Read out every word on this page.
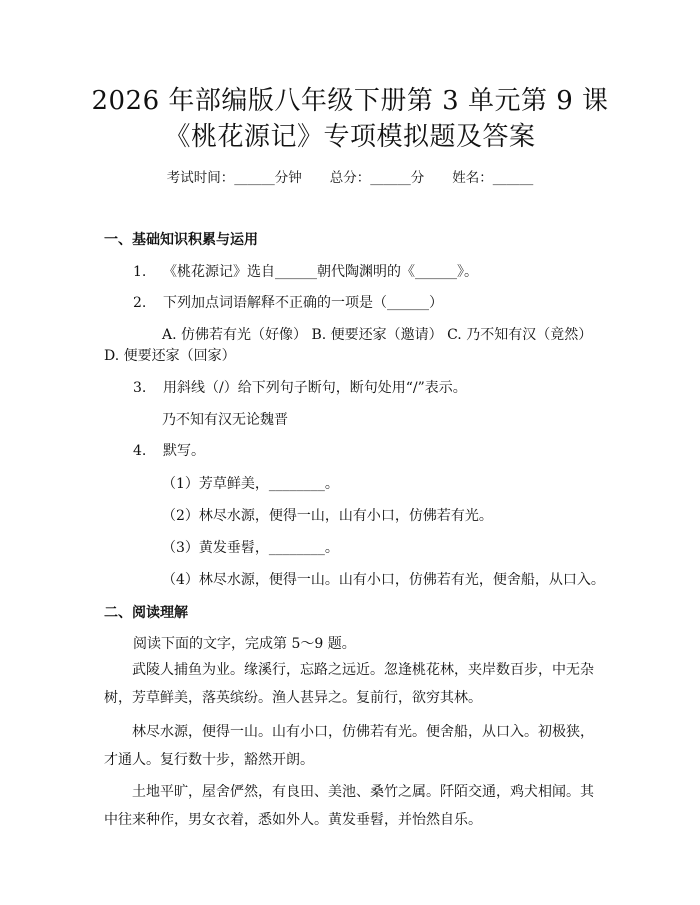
2026 年部编版八年级下册第 3 单元第 9 课
《桃花源记》专项模拟题及答案
考试时间：______分钟 总分：______分 姓名：______
一、基础知识积累与运用
1. 《桃花源记》选自______朝代陶渊明的《______》。
2. 下列加点词语解释不正确的一项是（______）
A. 仿佛若有光（好像） B. 便要还家（邀请） C. 乃不知有汉（竟然）
D. 便要还家（回家）
3. 用斜线（/）给下列句子断句，断句处用“/”表示。
乃不知有汉无论魏晋
4. 默写。
（1）芳草鲜美，________。
（2）林尽水源，便得一山，山有小口，仿佛若有光。
（3）黄发垂髫，________。
（4）林尽水源，便得一山。山有小口，仿佛若有光，便舍船，从口入。
二、阅读理解
阅读下面的文字，完成第 5～9 题。
武陵人捕鱼为业。缘溪行，忘路之远近。忽逢桃花林，夹岸数百步，中无杂树，芳草鲜美，落英缤纷。渔人甚异之。复前行，欲穷其林。
林尽水源，便得一山。山有小口，仿佛若有光。便舍船，从口入。初极狭，才通人。复行数十步，豁然开朗。
土地平旷，屋舍俨然，有良田、美池、桑竹之属。阡陌交通，鸡犬相闻。其中往来种作，男女衣着，悉如外人。黄发垂髫，并怡然自乐。
